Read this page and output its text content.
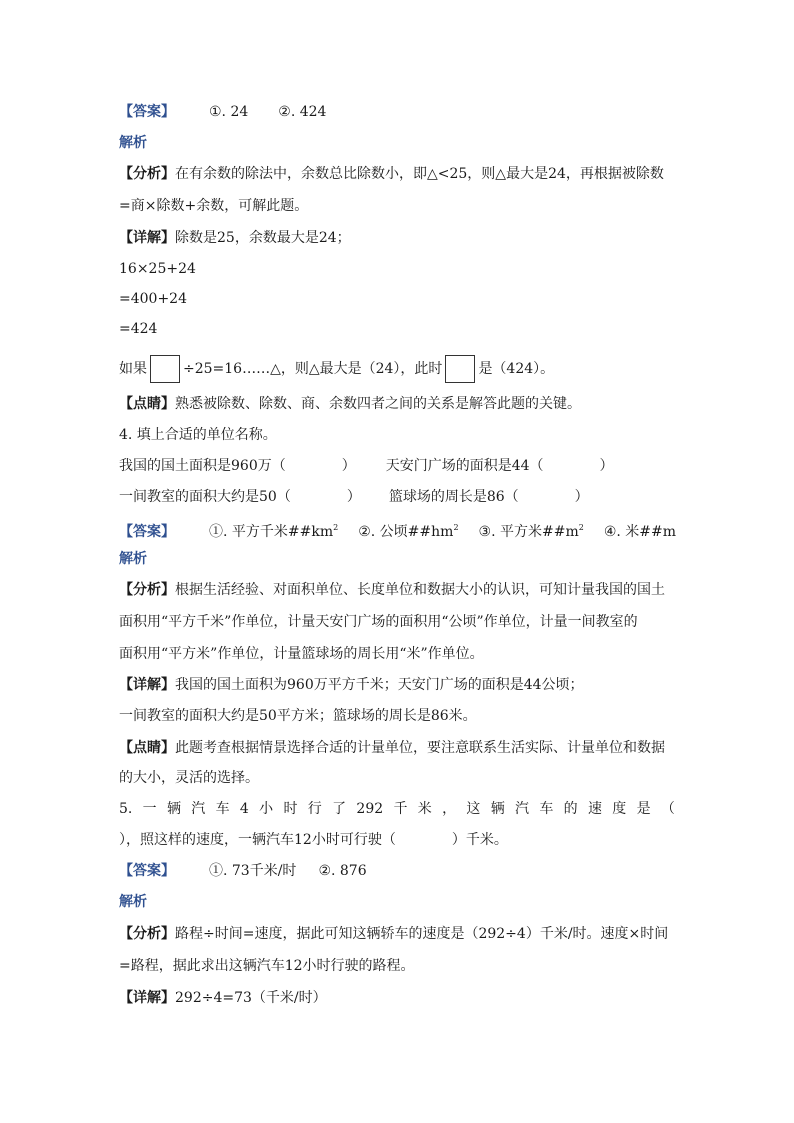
【答案】 ①. 24 ②. 424
解析
【分析】在有余数的除法中，余数总比除数小，即△<25，则△最大是24，再根据被除数
=商×除数+余数，可解此题。
【详解】除数是25，余数最大是24；
16×25+24
=400+24
=424
如果	÷25=16……△，则△最大是（24），此时	是（424）。
【点睛】熟悉被除数、除数、商、余数四者之间的关系是解答此题的关键。
4. 填上合适的单位名称。
我国的国土面积是960万（　　　　） 天安门广场的面积是44（　　　　）
一间教室的面积大约是50（　　　　） 篮球场的周长是86（　　　　）
【答案】 ①. 平方千米$\#\#km^2$ ②. 公顷$\#\#hm^2$ ③. 平方米$\#\#m^2$ ④. 米##m
解析
【分析】根据生活经验、对面积单位、长度单位和数据大小的认识，可知计量我国的国土
面积用“平方千米”作单位，计量天安门广场的面积用“公顷”作单位，计量一间教室的
面积用“平方米”作单位，计量篮球场的周长用“米”作单位。
【详解】我国的国土面积为960万平方千米；天安门广场的面积是44公顷；
一间教室的面积大约是50平方米；篮球场的周长是86米。
【点睛】此题考查根据情景选择合适的计量单位，要注意联系生活实际、计量单位和数据
的大小，灵活的选择。
5. 一 辆 汽 车 4 小 时 行 了 292 千 米 ， 这 辆 汽 车 的 速 度 是 （
），照这样的速度，一辆汽车12小时可行驶（　　　　）千米。
【答案】 ①. 73千米/时 ②. 876
解析
【分析】路程÷时间=速度，据此可知这辆轿车的速度是（292÷4）千米/时。速度×时间
=路程，据此求出这辆汽车12小时行驶的路程。
【详解】292÷4=73（千米/时）
